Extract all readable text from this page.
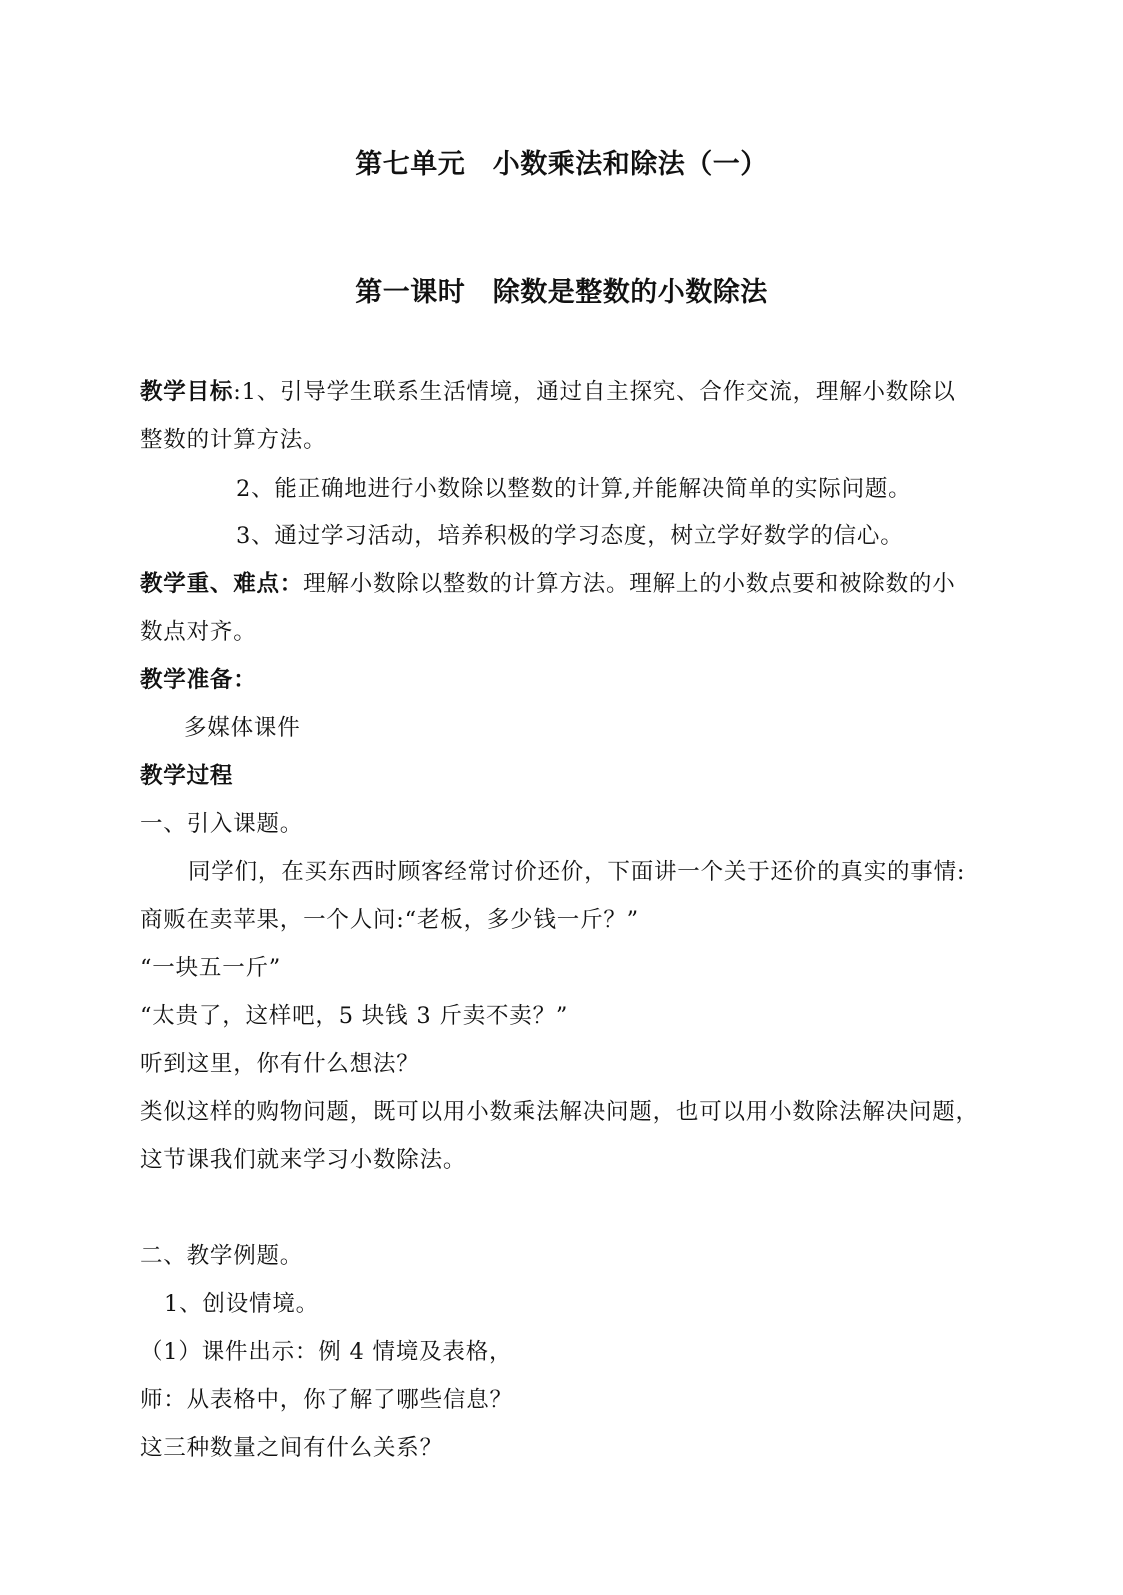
第七单元　小数乘法和除法（一）
第一课时　除数是整数的小数除法
教学目标:1、引导学生联系生活情境，通过自主探究、合作交流，理解小数除以
整数的计算方法。
2、能正确地进行小数除以整数的计算,并能解决简单的实际问题。
3、通过学习活动，培养积极的学习态度，树立学好数学的信心。
教学重、难点：理解小数除以整数的计算方法。理解上的小数点要和被除数的小
数点对齐。
教学准备：
多媒体课件
教学过程
一、引入课题。
同学们，在买东西时顾客经常讨价还价，下面讲一个关于还价的真实的事情:
商贩在卖苹果，一个人问:“老板，多少钱一斤？”
“一块五一斤”
“太贵了，这样吧，5 块钱 3 斤卖不卖？”
听到这里，你有什么想法？
类似这样的购物问题，既可以用小数乘法解决问题，也可以用小数除法解决问题，
这节课我们就来学习小数除法。
二、教学例题。
1、创设情境。
（1）课件出示：例 4 情境及表格，
师：从表格中，你了解了哪些信息？
这三种数量之间有什么关系？
